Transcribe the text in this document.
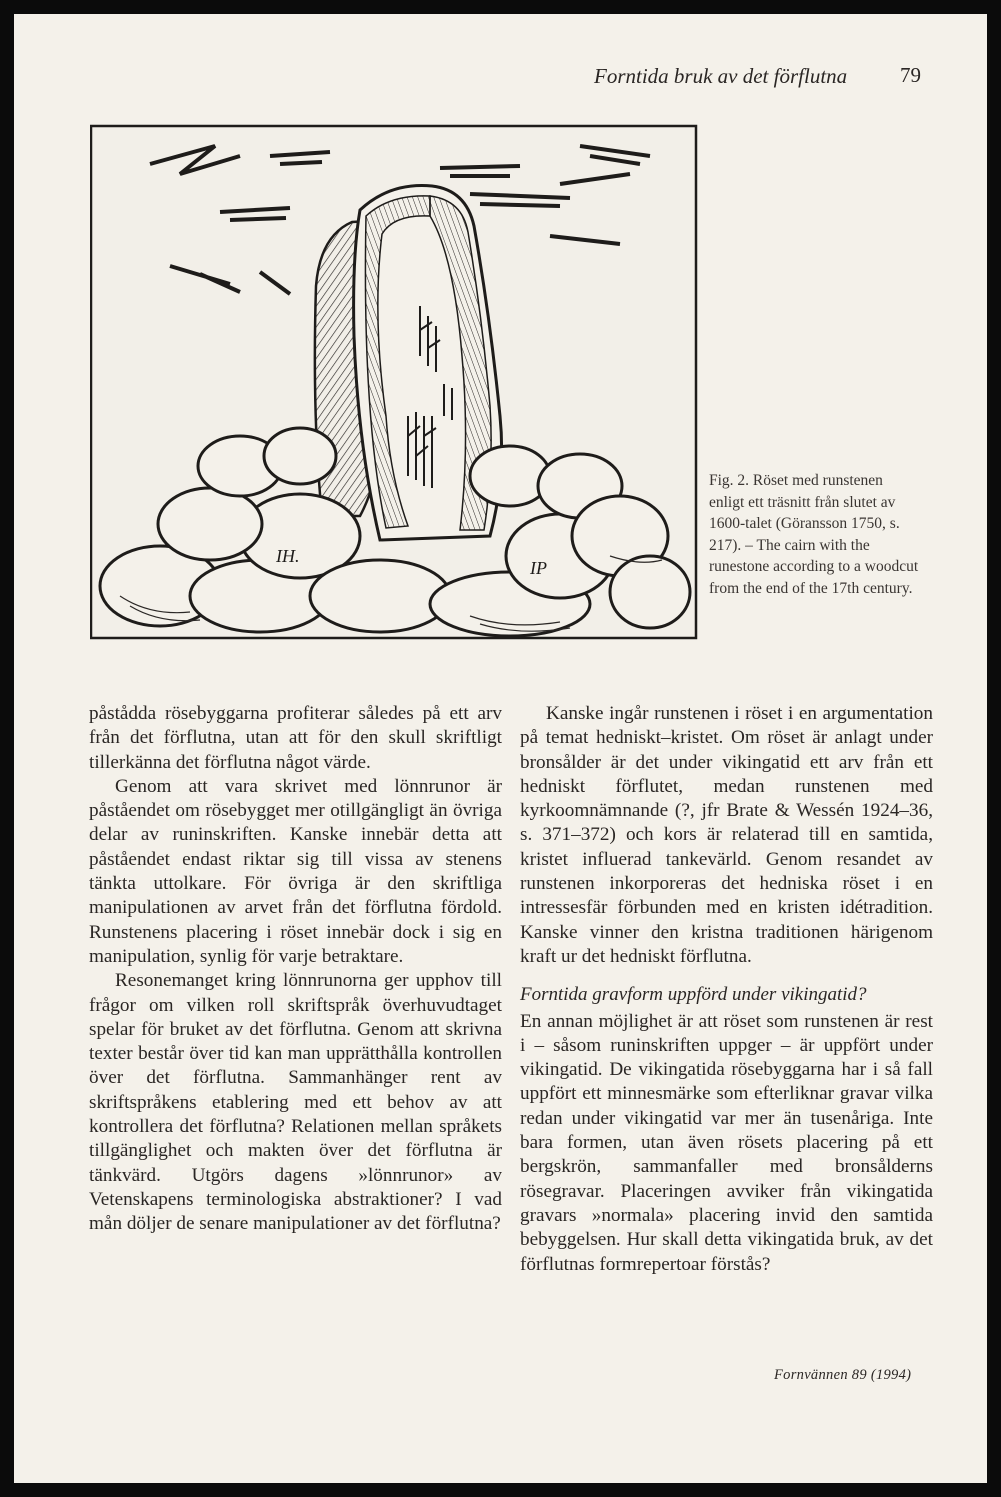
Forntida bruk av det förflutna	79
IH.
IP

Fig. 2. Röset med runstenen enligt ett träsnitt från slutet av 1600-talet (Göransson 1750, s. 217). – The cairn with the runestone according to a woodcut from the end of the 17th century.

påstådda rösebyggarna profiterar således på ett arv från det förflutna, utan att för den skull skriftligt tillerkänna det förflutna något värde.

Genom att vara skrivet med lönnrunor är påståendet om rösebygget mer otillgängligt än övriga delar av runinskriften. Kanske innebär detta att påståendet endast riktar sig till vissa av stenens tänkta uttolkare. För övriga är den skriftliga manipulationen av arvet från det förflutna fördold. Runstenens placering i röset innebär dock i sig en manipulation, synlig för varje betraktare.

Resonemanget kring lönnrunorna ger upphov till frågor om vilken roll skriftspråk överhuvudtaget spelar för bruket av det förflutna. Genom att skrivna texter består över tid kan man upprätthålla kontrollen över det förflutna. Sammanhänger rent av skriftspråkens etablering med ett behov av att kontrollera det förflutna? Relationen mellan språkets tillgänglighet och makten över det förflutna är tänkvärd. Utgörs dagens »lönnrunor» av Vetenskapens terminologiska abstraktioner? I vad mån döljer de senare manipulationer av det förflutna?

Kanske ingår runstenen i röset i en argumentation på temat hedniskt–kristet. Om röset är anlagt under bronsålder är det under vikingatid ett arv från ett hedniskt förflutet, medan runstenen med kyrkoomnämnande (?, jfr Brate & Wessén 1924–36, s. 371–372) och kors är relaterad till en samtida, kristet influerad tankevärld. Genom resandet av runstenen inkorporeras det hedniska röset i en intressesfär förbunden med en kristen idétradition. Kanske vinner den kristna traditionen härigenom kraft ur det hedniskt förflutna.

Forntida gravform uppförd under vikingatid?

En annan möjlighet är att röset som runstenen är rest i – såsom runinskriften uppger – är uppfört under vikingatid. De vikingatida rösebyggarna har i så fall uppfört ett minnesmärke som efterliknar gravar vilka redan under vikingatid var mer än tusenåriga. Inte bara formen, utan även rösets placering på ett bergskrön, sammanfaller med bronsålderns rösegravar. Placeringen avviker från vikingatida gravars »normala» placering invid den samtida bebyggelsen. Hur skall detta vikingatida bruk, av det förflutnas formrepertoar förstås?

Fornvännen 89 (1994)
